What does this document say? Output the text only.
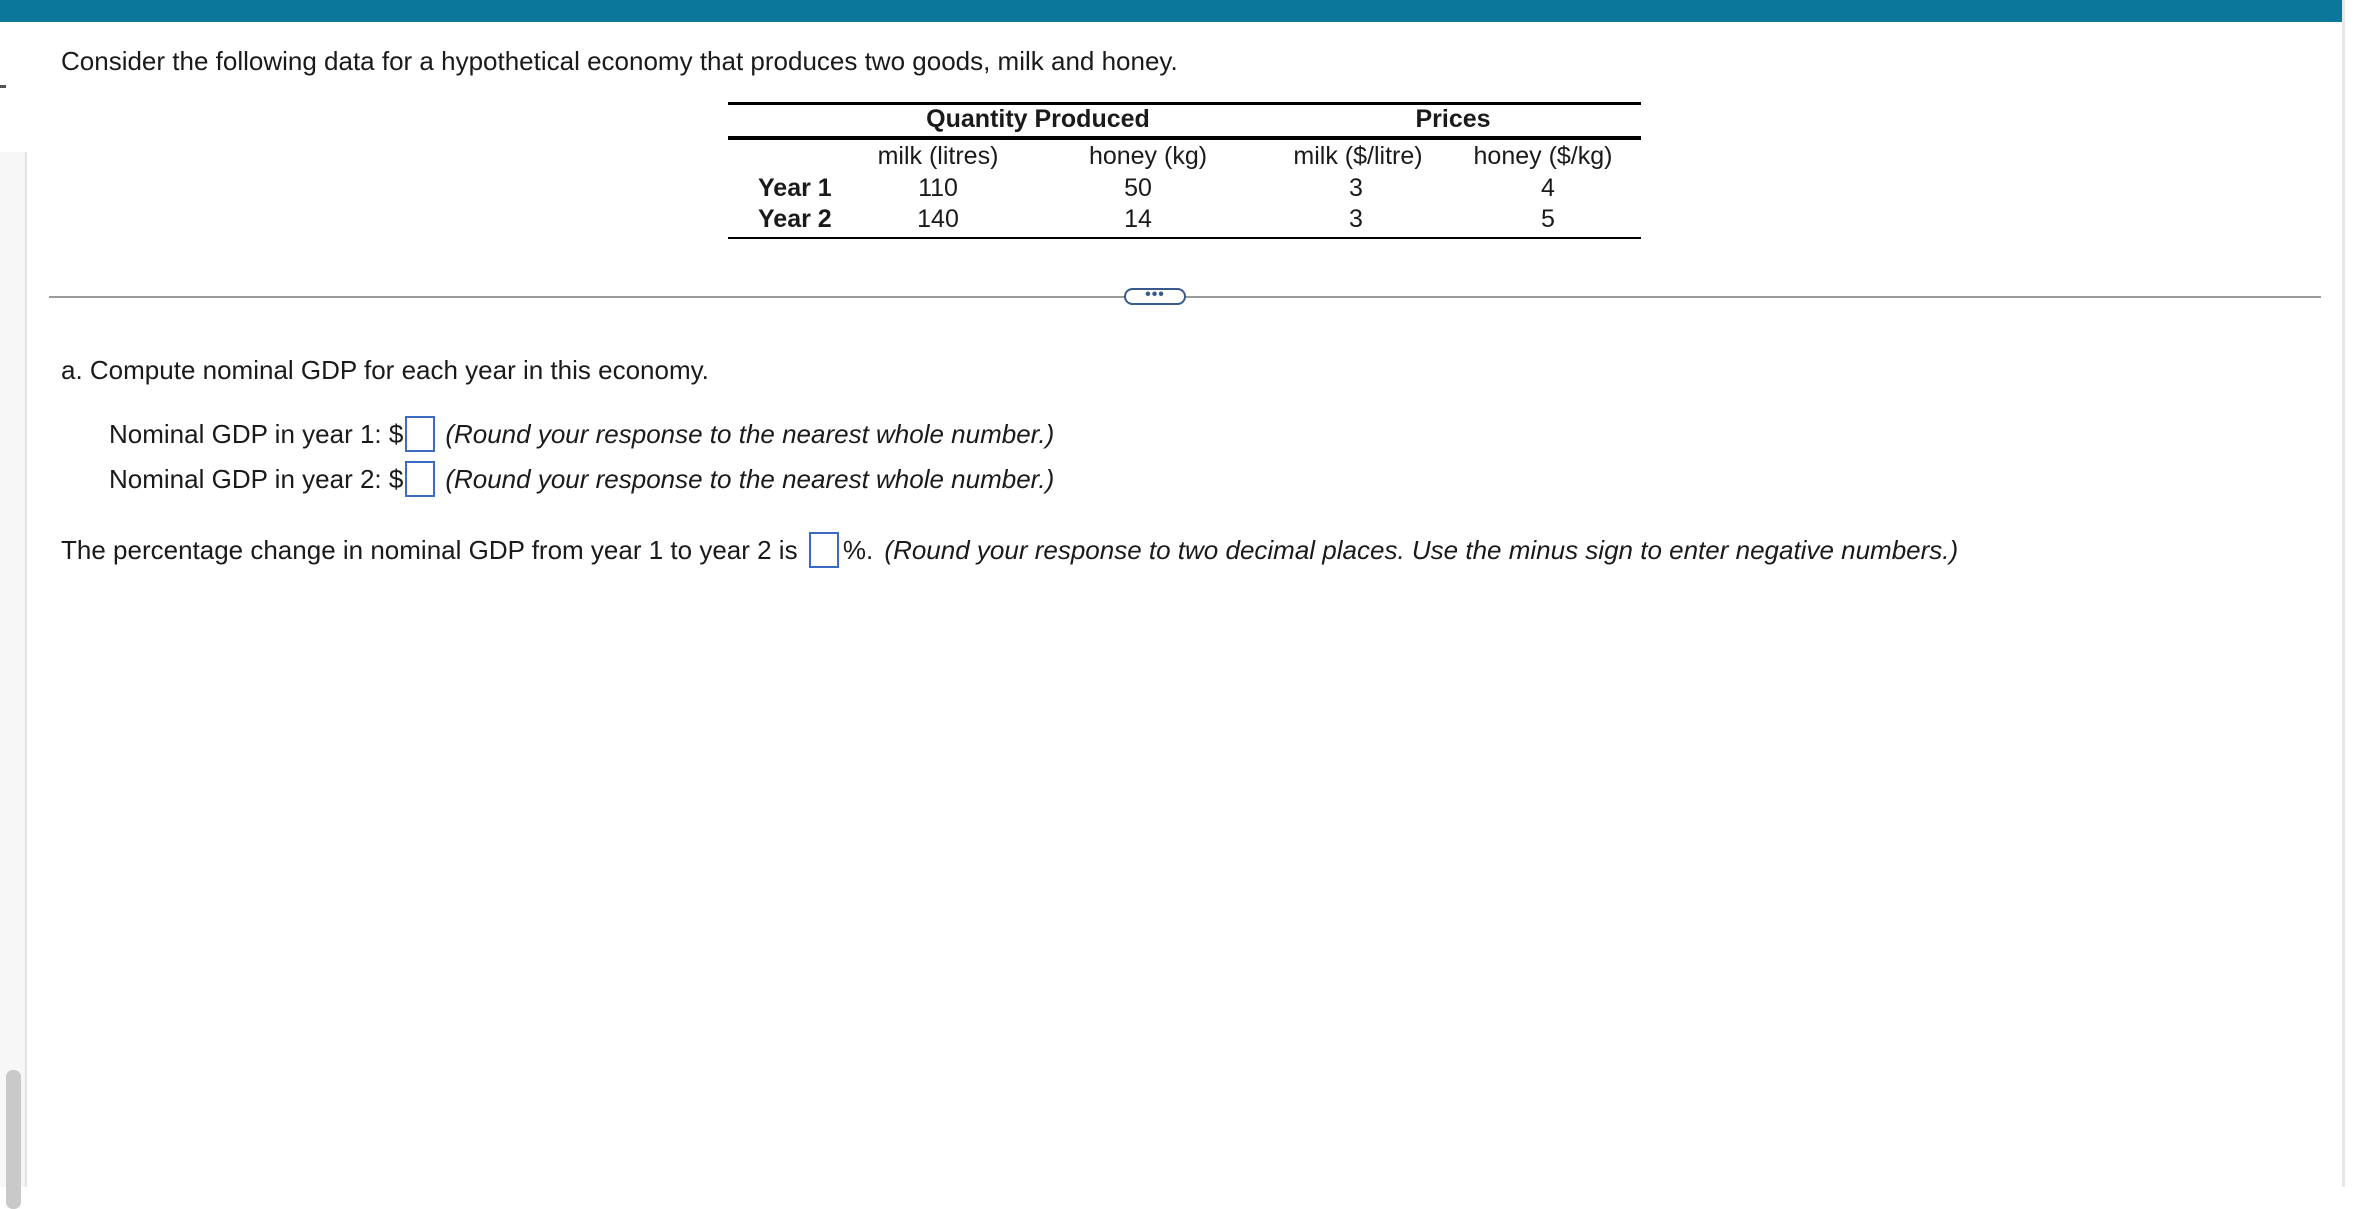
Consider the following data for a hypothetical economy that produces two goods, milk and honey.
Quantity Produced	Prices
milk (litres)	honey (kg)	milk ($/litre)	honey ($/kg)
Year 1	110	50	3	4
Year 2	140	14	3	5
•••
a. Compute nominal GDP for each year in this economy.
Nominal GDP in year 1: $ (Round your response to the nearest whole number.)
Nominal GDP in year 2: $ (Round your response to the nearest whole number.)
The percentage change in nominal GDP from year 1 to year 2 is %. (Round your response to two decimal places. Use the minus sign to enter negative numbers.)
